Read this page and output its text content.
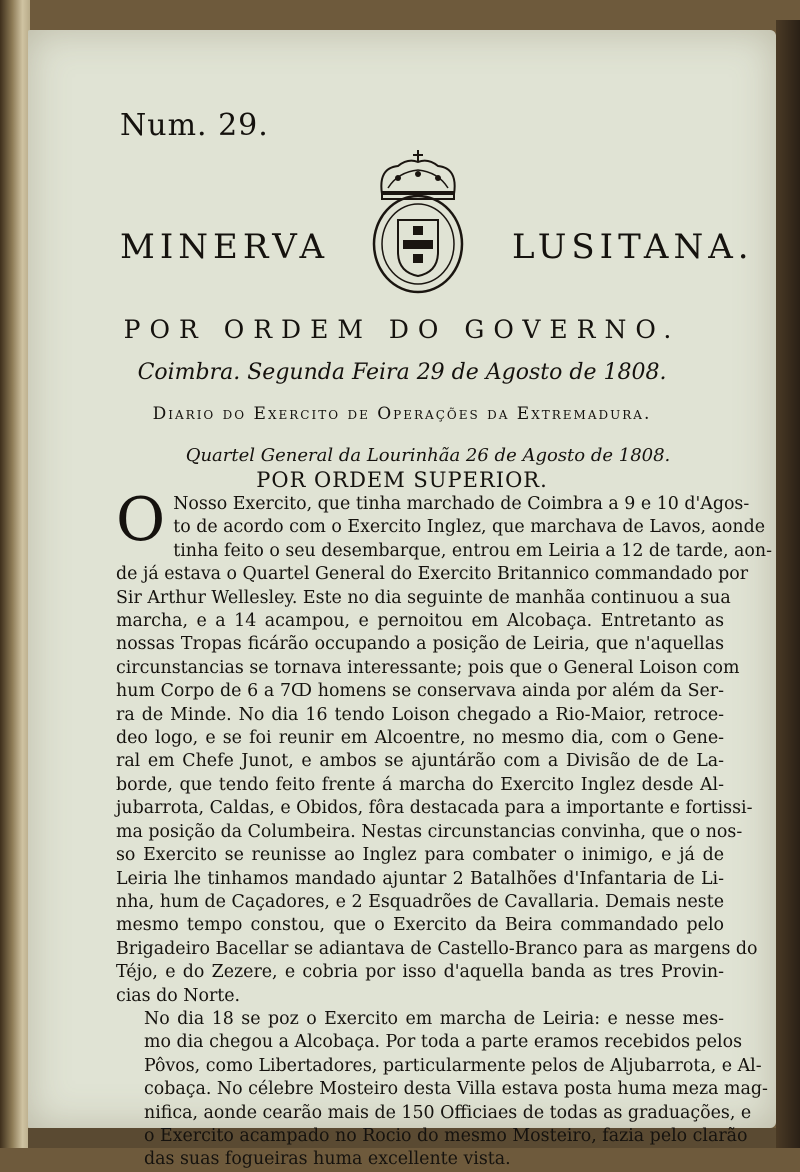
Num. 29.
MINERVA	LUSITANA.
POR ORDEM DO GOVERNO.
Coimbra. Segunda Feira 29 de Agosto de 1808.
Diario do Exercito de Operações da Extremadura.
Quartel General da Lourinhãa 26 de Agosto de 1808.
POR ORDEM SUPERIOR.

O Nosso Exercito, que tinha marchado de Coimbra a 9 e 10 d'Agos-
to de acordo com o Exercito Inglez, que marchava de Lavos, aonde
tinha feito o seu desembarque, entrou em Leiria a 12 de tarde, aon-
de já estava o Quartel General do Exercito Britannico commandado por
Sir Arthur Wellesley. Este no dia seguinte de manhãa continuou a sua
marcha, e a 14 acampou, e pernoitou em Alcobaça. Entretanto as
nossas Tropas ficárão occupando a posição de Leiria, que n'aquellas
circunstancias se tornava interessante; pois que o General Loison com
hum Corpo de 6 a 7ↀ homens se conservava ainda por além da Ser-
ra de Minde. No dia 16 tendo Loison chegado a Rio-Maior, retroce-
deo logo, e se foi reunir em Alcoentre, no mesmo dia, com o Gene-
ral em Chefe Junot, e ambos se ajuntárão com a Divisão de de La-
borde, que tendo feito frente á marcha do Exercito Inglez desde Al-
jubarrota, Caldas, e Obidos, fôra destacada para a importante e fortissi-
ma posição da Columbeira. Nestas circunstancias convinha, que o nos-
so Exercito se reunisse ao Inglez para combater o inimigo, e já de
Leiria lhe tinhamos mandado ajuntar 2 Batalhões d'Infantaria de Li-
nha, hum de Caçadores, e 2 Esquadrões de Cavallaria. Demais neste
mesmo tempo constou, que o Exercito da Beira commandado pelo
Brigadeiro Bacellar se adiantava de Castello-Branco para as margens do
Téjo, e do Zezere, e cobria por isso d'aquella banda as tres Provin-
cias do Norte.

No dia 18 se poz o Exercito em marcha de Leiria: e nesse mes-
mo dia chegou a Alcobaça. Por toda a parte eramos recebidos pelos
Pôvos, como Libertadores, particularmente pelos de Aljubarrota, e Al-
cobaça. No célebre Mosteiro desta Villa estava posta huma meza mag-
nifica, aonde cearão mais de 150 Officiaes de todas as graduações, e
o Exercito acampado no Rocio do mesmo Mosteiro, fazia pelo clarão
das suas fogueiras huma excellente vista.
